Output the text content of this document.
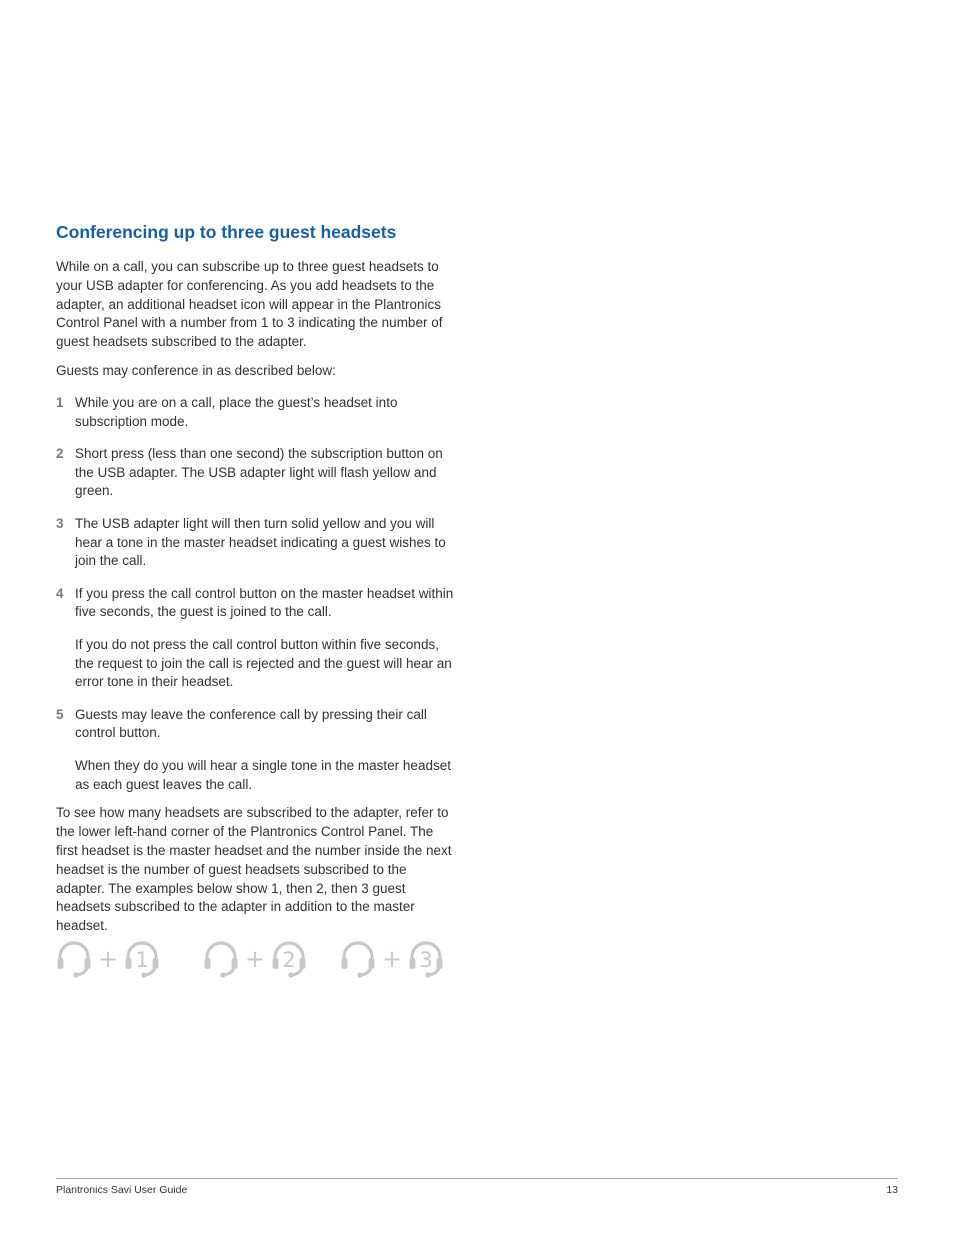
Conferencing up to three guest headsets

While on a call, you can subscribe up to three guest headsets to your USB adapter for conferencing. As you add headsets to the adapter, an additional headset icon will appear in the Plantronics Control Panel with a number from 1 to 3 indicating the number of guest headsets subscribed to the adapter.

Guests may conference in as described below:

1 While you are on a call, place the guest’s headset into subscription mode.

2 Short press (less than one second) the subscription button on the USB adapter. The USB adapter light will flash yellow and green.

3 The USB adapter light will then turn solid yellow and you will hear a tone in the master headset indicating a guest wishes to join the call.

4 If you press the call control button on the master headset within five seconds, the guest is joined to the call.

If you do not press the call control button within five seconds, the request to join the call is rejected and the guest will hear an error tone in their headset.

5 Guests may leave the conference call by pressing their call control button.

When they do you will hear a single tone in the master headset as each guest leaves the call.

To see how many headsets are subscribed to the adapter, refer to the lower left-hand corner of the Plantronics Control Panel. The first headset is the master headset and the number inside the next headset is the number of guest headsets subscribed to the adapter. The examples below show 1, then 2, then 3 guest headsets subscribed to the adapter in addition to the master headset.

+ 1	+ 2	+ 3
Plantronics Savi User Guide	13
